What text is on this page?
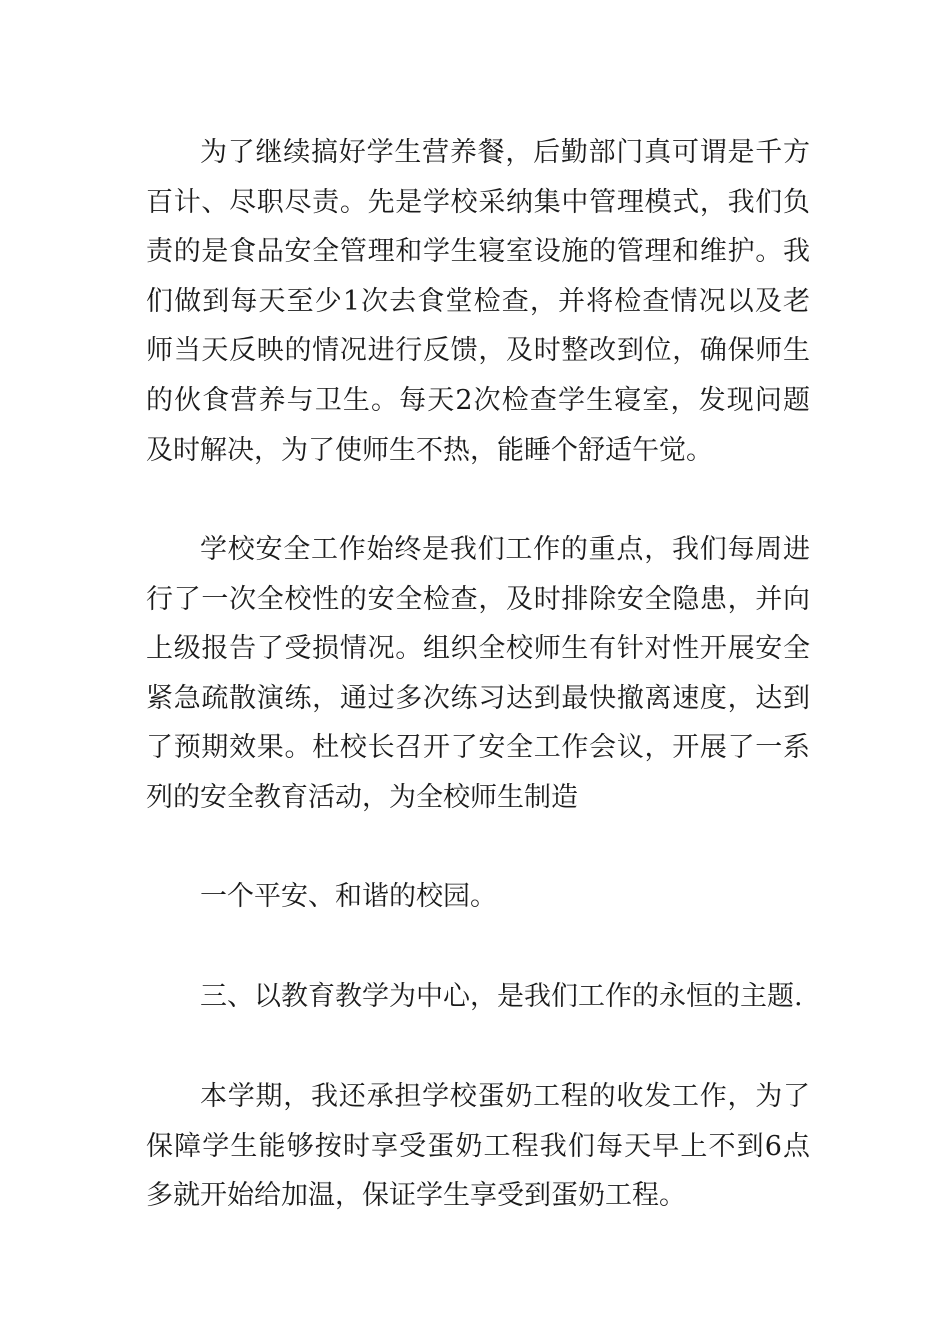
为了继续搞好学生营养餐，后勤部门真可谓是千方百计、尽职尽责。先是学校采纳集中管理模式，我们负责的是食品安全管理和学生寝室设施的管理和维护。我们做到每天至少1次去食堂检查，并将检查情况以及老师当天反映的情况进行反馈，及时整改到位，确保师生的伙食营养与卫生。每天2次检查学生寝室，发现问题及时解决，为了使师生不热，能睡个舒适午觉。

学校安全工作始终是我们工作的重点，我们每周进行了一次全校性的安全检查，及时排除安全隐患，并向上级报告了受损情况。组织全校师生有针对性开展安全紧急疏散演练，通过多次练习达到最快撤离速度，达到了预期效果。杜校长召开了安全工作会议，开展了一系列的安全教育活动，为全校师生制造

一个平安、和谐的校园。

三、以教育教学为中心，是我们工作的永恒的主题.

本学期，我还承担学校蛋奶工程的收发工作，为了保障学生能够按时享受蛋奶工程我们每天早上不到6点多就开始给加温，保证学生享受到蛋奶工程。
